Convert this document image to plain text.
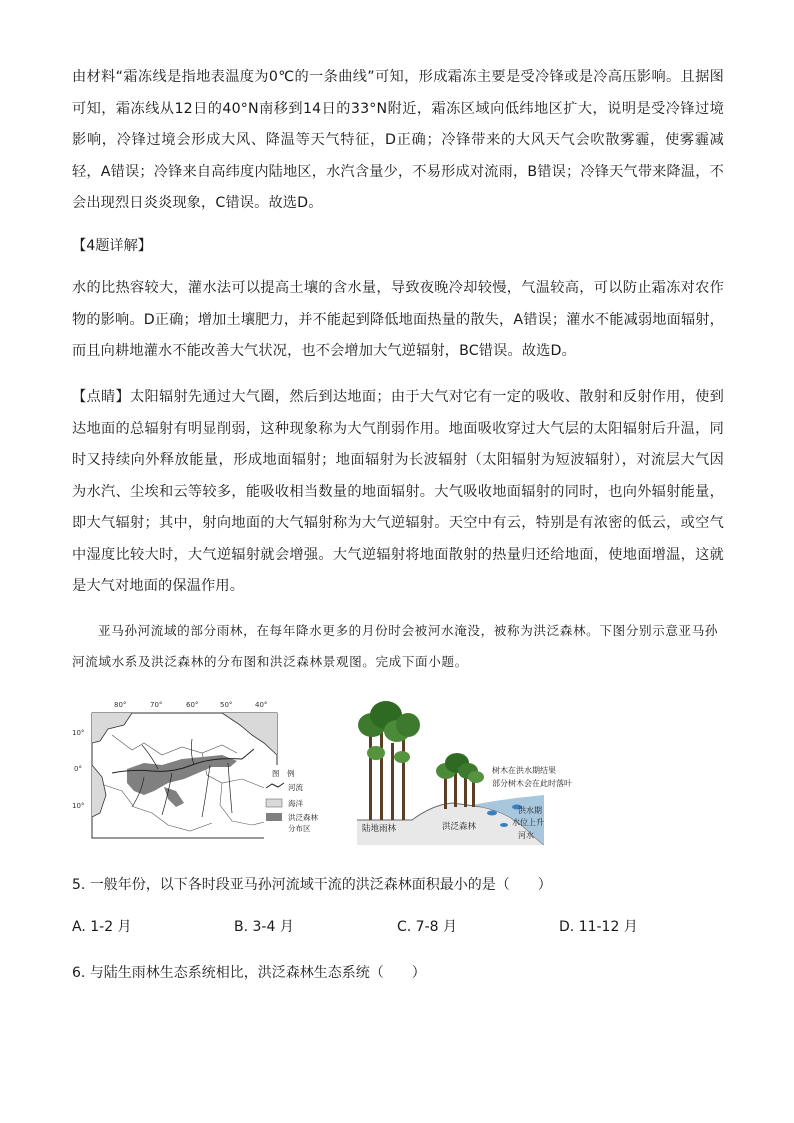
由材料“霜冻线是指地表温度为0℃的一条曲线”可知，形成霜冻主要是受冷锋或是冷高压影响。且据图可知，霜冻线从12日的40°N南移到14日的33°N附近，霜冻区域向低纬地区扩大，说明是受冷锋过境影响，冷锋过境会形成大风、降温等天气特征，D正确；冷锋带来的大风天气会吹散雾霾，使雾霾减轻，A错误；冷锋来自高纬度内陆地区，水汽含量少，不易形成对流雨，B错误；冷锋天气带来降温，不会出现烈日炎炎现象，C错误。故选D。

【4题详解】

水的比热容较大，灌水法可以提高土壤的含水量，导致夜晚冷却较慢，气温较高，可以防止霜冻对农作物的影响。D正确；增加土壤肥力，并不能起到降低地面热量的散失，A错误；灌水不能减弱地面辐射，而且向耕地灌水不能改善大气状况，也不会增加大气逆辐射，BC错误。故选D。

【点睛】太阳辐射先通过大气圈，然后到达地面；由于大气对它有一定的吸收、散射和反射作用，使到达地面的总辐射有明显削弱，这种现象称为大气削弱作用。地面吸收穿过大气层的太阳辐射后升温，同时又持续向外释放能量，形成地面辐射；地面辐射为长波辐射（太阳辐射为短波辐射），对流层大气因为水汽、尘埃和云等较多，能吸收相当数量的地面辐射。大气吸收地面辐射的同时，也向外辐射能量，即大气辐射；其中，射向地面的大气辐射称为大气逆辐射。天空中有云，特别是有浓密的低云，或空气中湿度比较大时，大气逆辐射就会增强。大气逆辐射将地面散射的热量归还给地面，使地面增温，这就是大气对地面的保温作用。

亚马孙河流域的部分雨林，在每年降水更多的月份时会被河水淹没，被称为洪泛森林。下图分别示意亚马孙河流域水系及洪泛森林的分布图和洪泛森林景观图。完成下面小题。

80°	70°	60°	50°	40°
10°
0°
10°
图　例
河流
海洋
洪泛森林
分布区	陆地雨林	洪泛森林
树木在洪水期结果
部分树木会在此时落叶
洪水期
水位上升
河水

5. 一般年份，以下各时段亚马孙河流域干流的洪泛森林面积最小的是（　　）

A. 1-2 月	B. 3-4 月	C. 7-8 月	D. 11-12 月

6. 与陆生雨林生态系统相比，洪泛森林生态系统（　　）
